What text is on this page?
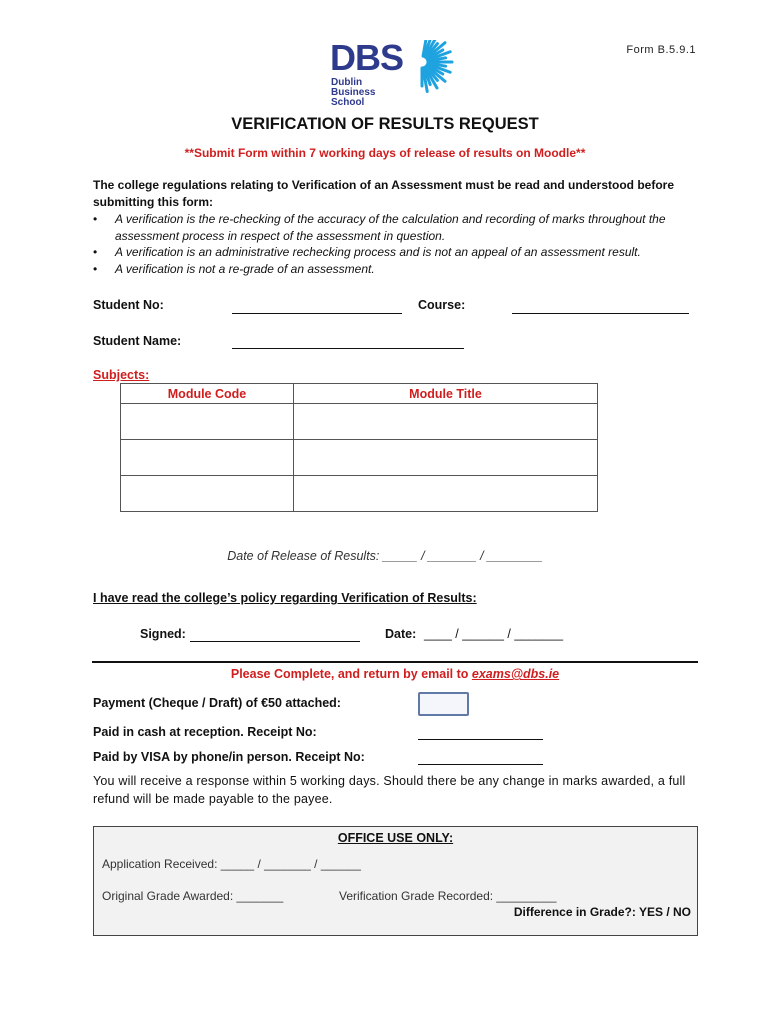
Form B.5.9.1
DBS
Dublin
Business
School
VERIFICATION OF RESULTS REQUEST
**Submit Form within 7 working days of release of results on Moodle**
The college regulations relating to Verification of an Assessment must be read and understood before submitting this form:
• A verification is the re-checking of the accuracy of the calculation and recording of marks throughout the assessment process in respect of the assessment in question.
• A verification is an administrative rechecking process and is not an appeal of an assessment result.
• A verification is not a re-grade of an assessment.
Student No:	Course:
Student Name:
Subjects:
Module Code	Module Title

Date of Release of Results: _____ / _______ / ________
I have read the college’s policy regarding Verification of Results:
Signed:	Date: ____ / ______ / _______
Please Complete, and return by email to exams@dbs.ie
Payment (Cheque / Draft) of €50 attached:
Paid in cash at reception. Receipt No:
Paid by VISA by phone/in person. Receipt No:
You will receive a response within 5 working days. Should there be any change in marks awarded, a full refund will be made payable to the payee.
OFFICE USE ONLY:
Application Received: _____ / _______ / ______
Original Grade Awarded: _______	Verification Grade Recorded: _________
Difference in Grade?: YES / NO
